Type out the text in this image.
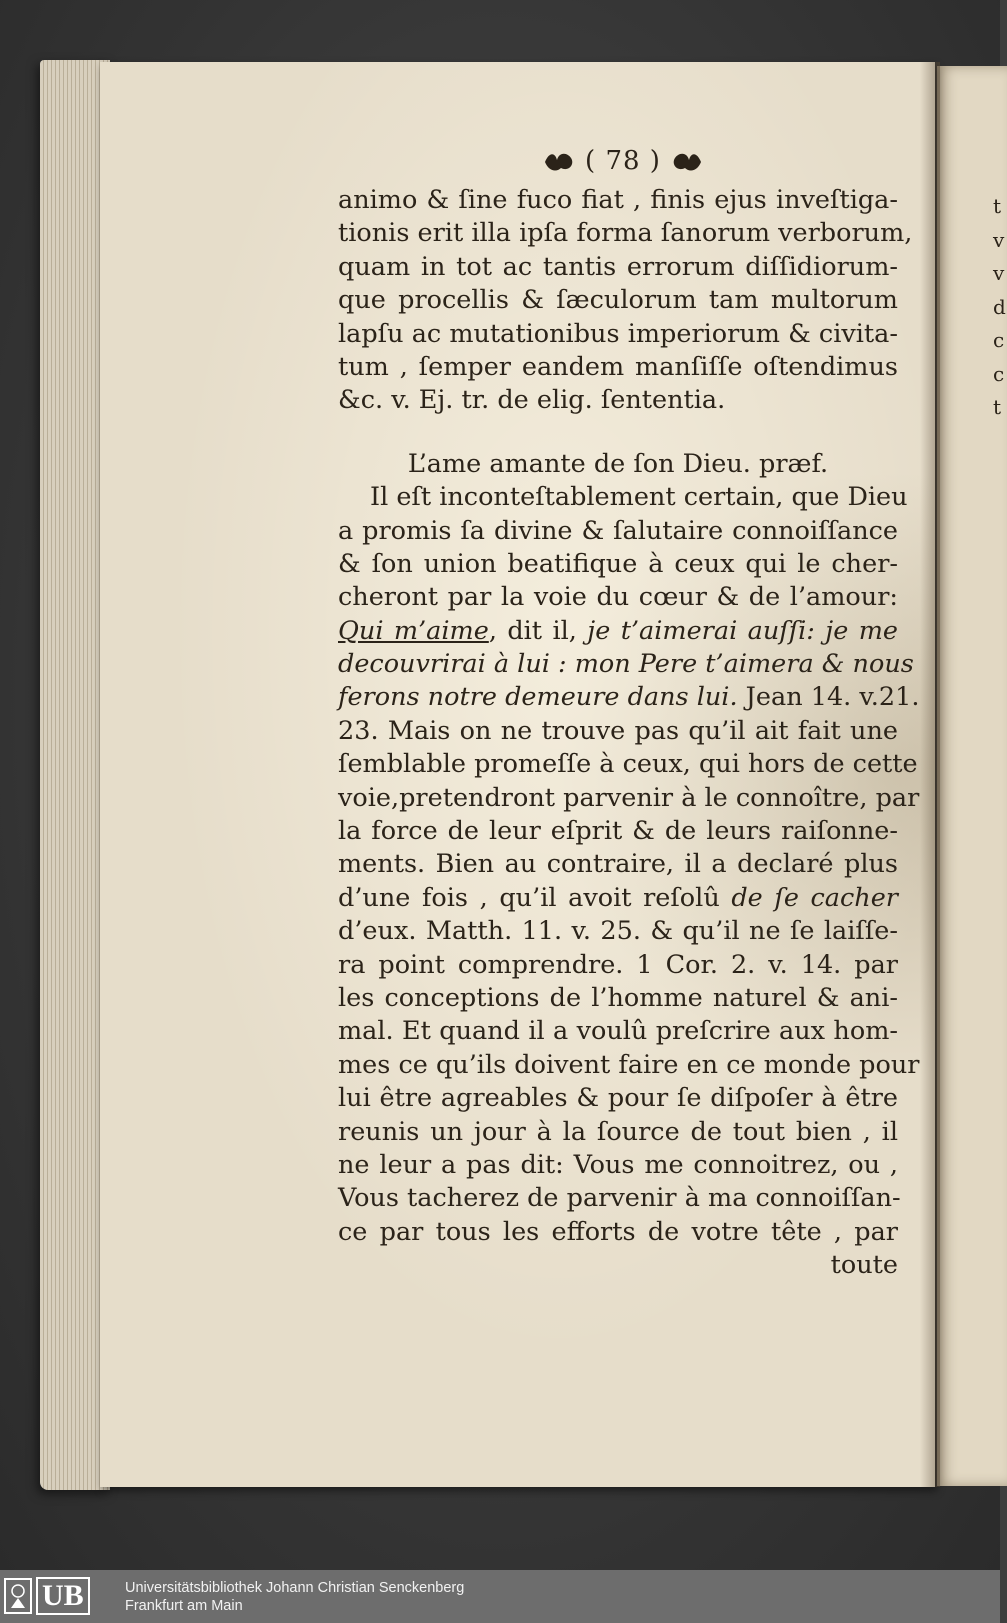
t
v
v
d
c
c
t
( 78 )
animo & ſine fuco fiat , finis ejus inveſtiga-
tionis erit illa ipſa forma ſanorum verborum,
quam in tot ac tantis errorum diſſidiorum-
que procellis & ſæculorum tam multorum
lapſu ac mutationibus imperiorum & civita-
tum , ſemper eandem manſiſſe oſtendimus
&c. v. Ej. tr. de elig. ſententia.
L’ame amante de ſon Dieu. præf.
Il eſt inconteſtablement certain, que Dieu
a promis ſa divine & ſalutaire connoiſſance
& ſon union beatifique à ceux qui le cher-
cheront par la voie du cœur & de l’amour:
Qui m’aime, dit il, je t’aimerai auſſi: je me
decouvrirai à lui : mon Pere t’aimera & nous
ferons notre demeure dans lui. Jean 14. v.21.
23. Mais on ne trouve pas qu’il ait fait une
ſemblable promeſſe à ceux, qui hors de cette
voie,pretendront parvenir à le connoître, par
la force de leur eſprit & de leurs raiſonne-
ments. Bien au contraire, il a declaré plus
d’une fois , qu’il avoit reſolû de ſe cacher
d’eux. Matth. 11. v. 25. & qu’il ne ſe laiſſe-
ra point comprendre. 1 Cor. 2. v. 14. par
les conceptions de l’homme naturel & ani-
mal. Et quand il a voulû preſcrire aux hom-
mes ce qu’ils doivent faire en ce monde pour
lui être agreables & pour ſe diſpoſer à être
reunis un jour à la ſource de tout bien , il
ne leur a pas dit: Vous me connoitrez, ou ,
Vous tacherez de parvenir à ma connoiſſan-
ce par tous les efforts de votre tête , par
toute
UB	Universitätsbibliothek Johann Christian Senckenberg
Frankfurt am Main
